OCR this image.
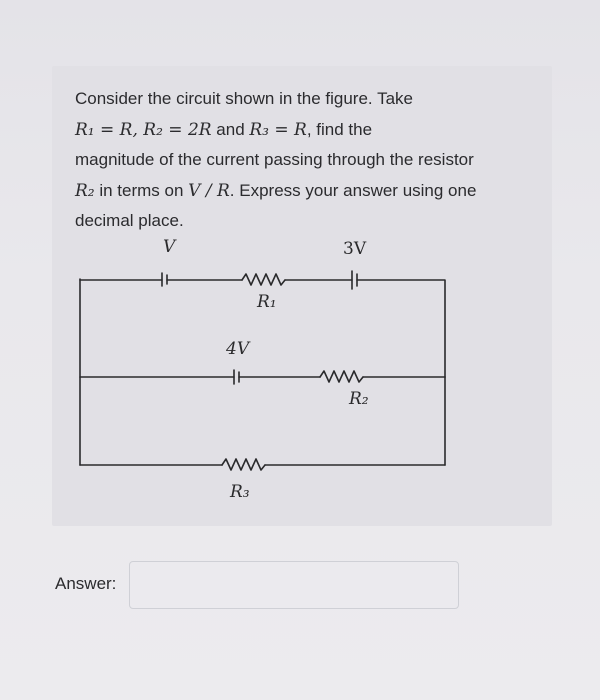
Consider the circuit shown in the figure. Take
R₁ = R, R₂ = 2R and R₃ = R, find the
magnitude of the current passing through the resistor
R₂ in terms on V / R. Express your answer using one
decimal place.
V	3V
R₁
4V
R₂
R₃
Answer:
